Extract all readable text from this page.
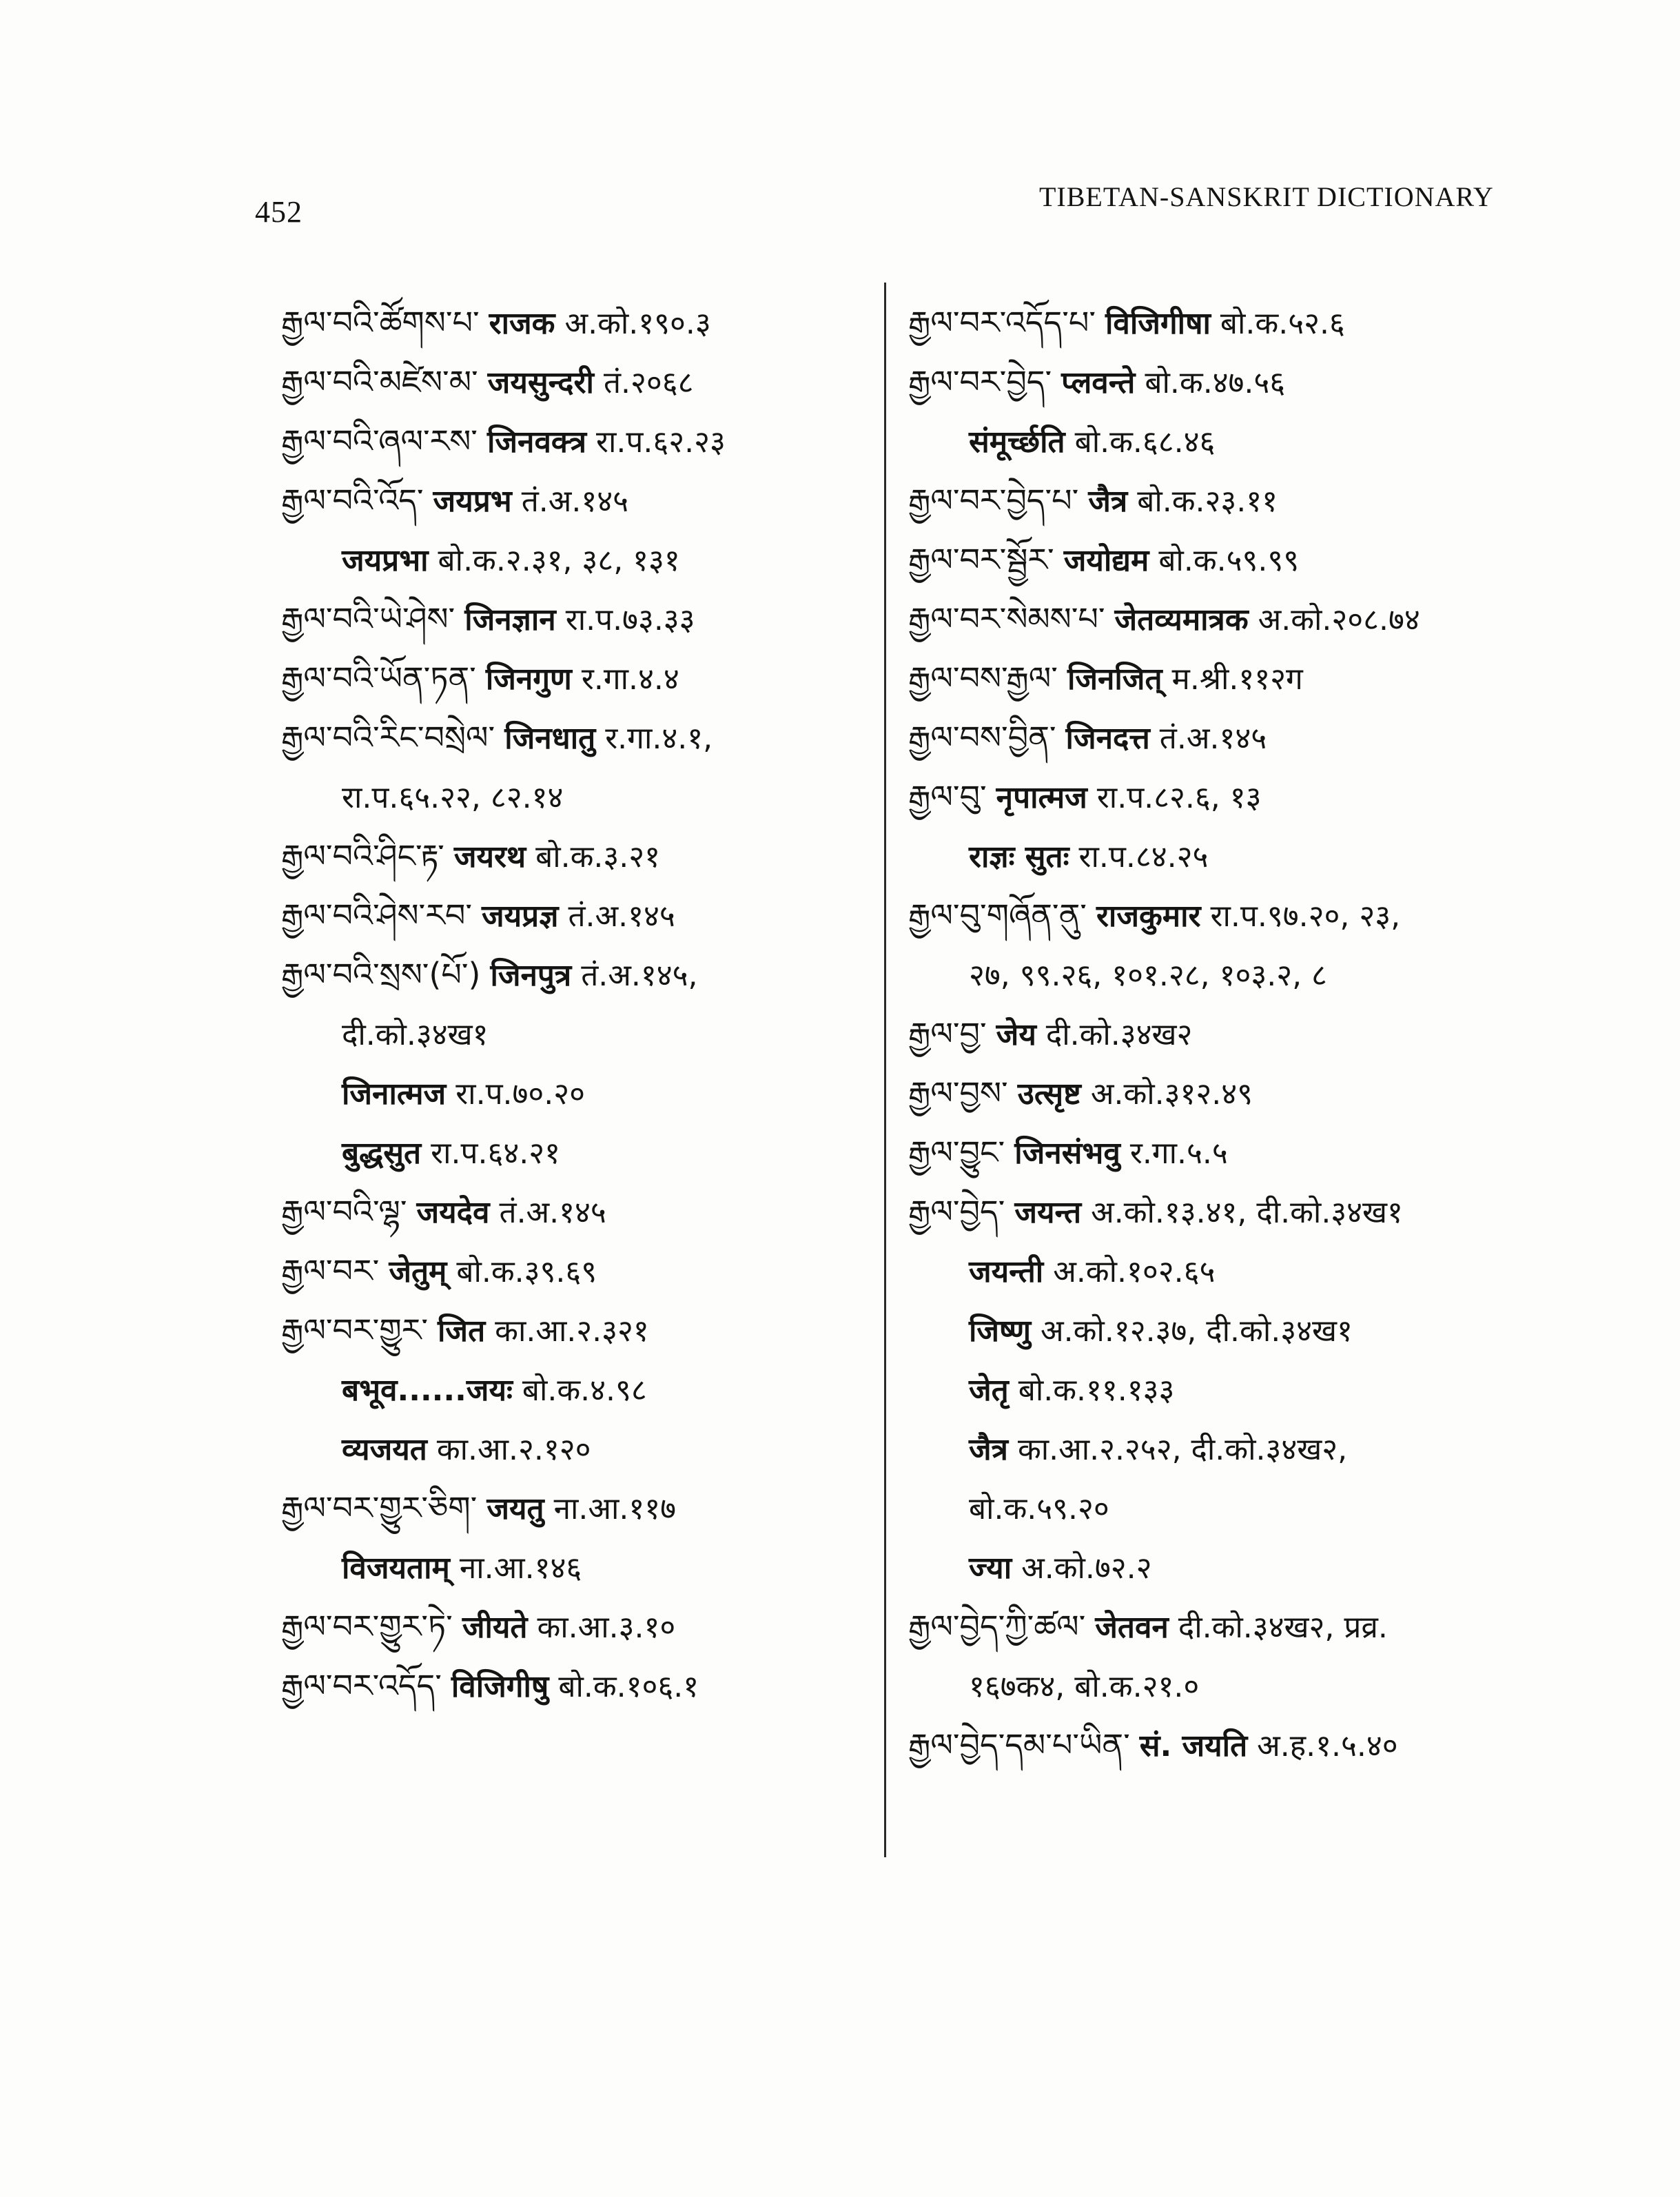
452	TIBETAN-SANSKRIT DICTIONARY
རྒྱལ་བའི་ཚོགས་པ་ राजक अ.को.१९०.३
རྒྱལ་བའི་མཛེས་མ་ जयसुन्दरी तं.२०६८
རྒྱལ་བའི་ཞལ་རས་ जिनवक्त्र रा.प.६२.२३
རྒྱལ་བའི་འོད་ जयप्रभ तं.अ.१४५
जयप्रभा बो.क.२.३१, ३८, १३१
རྒྱལ་བའི་ཡེ་ཤེས་ जिनज्ञान रा.प.७३.३३
རྒྱལ་བའི་ཡོན་ཏན་ जिनगुण र.गा.४.४
རྒྱལ་བའི་རིང་བསྲེལ་ जिनधातु र.गा.४.१,
रा.प.६५.२२, ८२.१४
རྒྱལ་བའི་ཤིང་རྟ་ जयरथ बो.क.३.२१
རྒྱལ་བའི་ཤེས་རབ་ जयप्रज्ञ तं.अ.१४५
རྒྱལ་བའི་སྲས་(པོ་) जिनपुत्र तं.अ.१४५,
दी.को.३४ख१
जिनात्मज रा.प.७०.२०
बुद्धसुत रा.प.६४.२१
རྒྱལ་བའི་ལྷ་ जयदेव तं.अ.१४५
རྒྱལ་བར་ जेतुम् बो.क.३९.६९
རྒྱལ་བར་གྱུར་ जित का.आ.२.३२१
बभूव......जयः बो.क.४.९८
व्यजयत का.आ.२.१२०
རྒྱལ་བར་གྱུར་ཅིག་ जयतु ना.आ.११७
विजयताम् ना.आ.१४६
རྒྱལ་བར་གྱུར་ཏེ་ जीयते का.आ.३.१०
རྒྱལ་བར་འདོད་ विजिगीषु बो.क.१०६.१
རྒྱལ་བར་འདོད་པ་ विजिगीषा बो.क.५२.६
རྒྱལ་བར་བྱེད་ प्लवन्ते बो.क.४७.५६
संमूर्च्छति बो.क.६८.४६
རྒྱལ་བར་བྱེད་པ་ जैत्र बो.क.२३.११
རྒྱལ་བར་སྦྱོར་ जयोद्यम बो.क.५९.९९
རྒྱལ་བར་སེམས་པ་ जेतव्यमात्रक अ.को.२०८.७४
རྒྱལ་བས་རྒྱལ་ जिनजित् म.श्री.११२ग
རྒྱལ་བས་བྱིན་ जिनदत्त तं.अ.१४५
རྒྱལ་བུ་ नृपात्मज रा.प.८२.६, १३
राज्ञः सुतः रा.प.८४.२५
རྒྱལ་བུ་གཞོན་ནུ་ राजकुमार रा.प.९७.२०, २३,
२७, ९९.२६, १०१.२८, १०३.२, ८
རྒྱལ་བྱ་ जेय दी.को.३४ख२
རྒྱལ་བྱས་ उत्सृष्ट अ.को.३१२.४९
རྒྱལ་བྱུང་ जिनसंभवु र.गा.५.५
རྒྱལ་བྱེད་ जयन्त अ.को.१३.४१, दी.को.३४ख१
जयन्ती अ.को.१०२.६५
जिष्णु अ.को.१२.३७, दी.को.३४ख१
जेतृ बो.क.११.१३३
जैत्र का.आ.२.२५२, दी.को.३४ख२,
बो.क.५९.२०
ज्या अ.को.७२.२
རྒྱལ་བྱེད་ཀྱི་ཚལ་ जेतवन दी.को.३४ख२, प्रव्र.
१६७क४, बो.क.२१.०
རྒྱལ་བྱེད་དམ་པ་ཡིན་ सं. जयति अ.ह.१.५.४०
